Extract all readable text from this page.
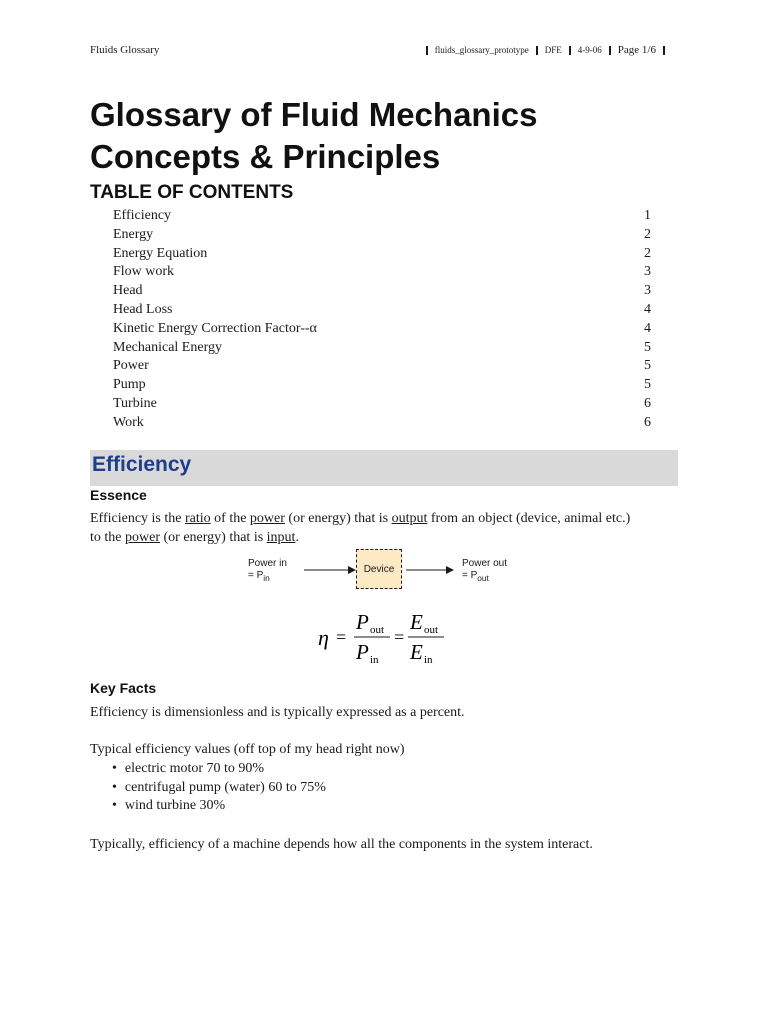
Fluids Glossary	fluids_glossary_prototype DFE 4-9-06 Page 1/6
Glossary of Fluid Mechanics
Concepts & Principles
TABLE OF CONTENTS
Efficiency	1
Energy	2
Energy Equation	2
Flow work	3
Head	3
Head Loss	4
Kinetic Energy Correction Factor--α	4
Mechanical Energy	5
Power	5
Pump	5
Turbine	6
Work	6
Efficiency
Essence
Efficiency is the ratio of the power (or energy) that is output from an object (device, animal etc.)
to the power (or energy) that is input.
Power in
= $P_{in}$
Device	Power out
= $P_{out}$
η =
P out
P in
=
E out
E in
Key Facts
Efficiency is dimensionless and is typically expressed as a percent.
Typical efficiency values (off top of my head right now)
• electric motor 70 to 90%
• centrifugal pump (water) 60 to 75%
• wind turbine 30%
Typically, efficiency of a machine depends how all the components in the system interact.
